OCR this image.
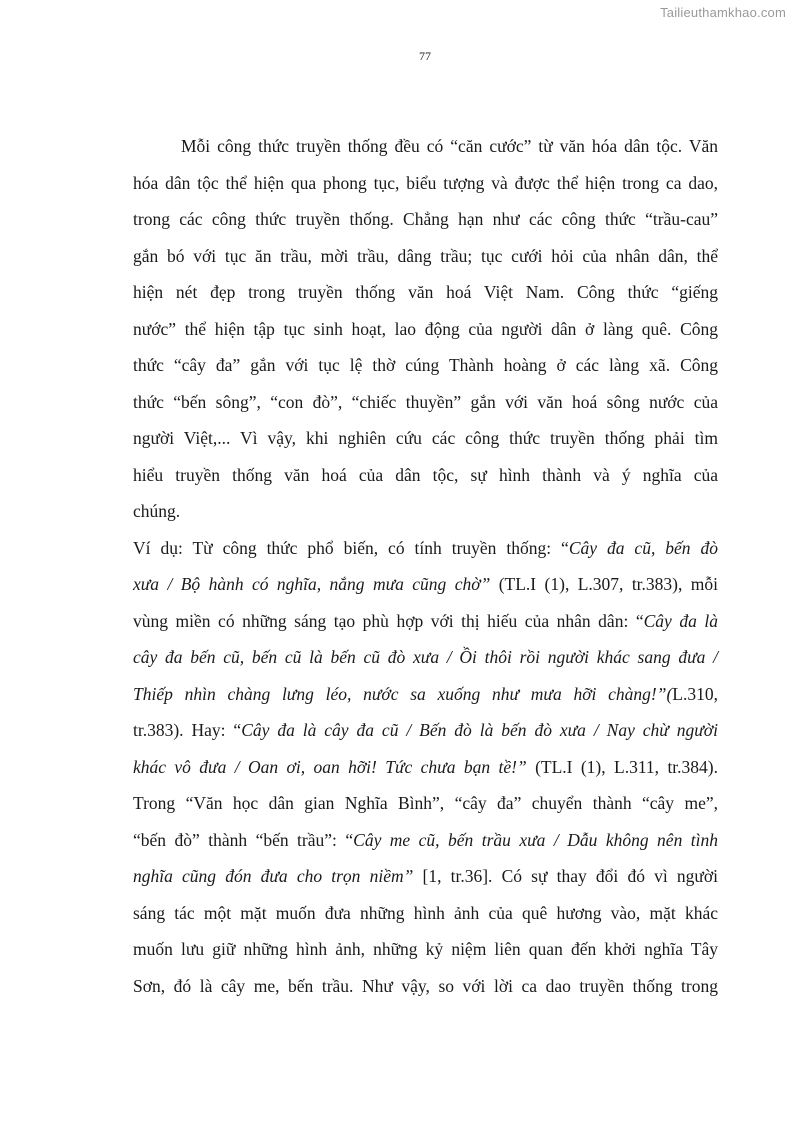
Tailieuthamkhao.com
77
Mỗi công thức truyền thống đều có “căn cước” từ văn hóa dân tộc. Văn
hóa dân tộc thể hiện qua phong tục, biểu tượng và được thể hiện trong ca dao,
trong các công thức truyền thống. Chẳng hạn như các công thức “trầu-cau”
gắn bó với tục ăn trầu, mời trầu, dâng trầu; tục cưới hỏi của nhân dân, thể
hiện nét đẹp trong truyền thống văn hoá Việt Nam. Công thức “giếng
nước” thể hiện tập tục sinh hoạt, lao động của người dân ở làng quê. Công
thức “cây đa” gắn với tục lệ thờ cúng Thành hoàng ở các làng xã. Công
thức “bến sông”, “con đò”, “chiếc thuyền” gắn với văn hoá sông nước của
người Việt,... Vì vậy, khi nghiên cứu các công thức truyền thống phải tìm
hiểu truyền thống văn hoá của dân tộc, sự hình thành và ý nghĩa của
chúng.
Ví dụ: Từ công thức phổ biến, có tính truyền thống: “Cây đa cũ, bến đò
xưa / Bộ hành có nghĩa, nắng mưa cũng chờ” (TL.I (1), L.307, tr.383), mỗi
vùng miền có những sáng tạo phù hợp với thị hiếu của nhân dân: “Cây đa là
cây đa bến cũ, bến cũ là bến cũ đò xưa / Ồi thôi rồi người khác sang đưa /
Thiếp nhìn chàng lưng léo, nước sa xuống như mưa hỡi chàng!”(L.310,
tr.383). Hay: “Cây đa là cây đa cũ / Bến đò là bến đò xưa / Nay chừ người
khác vô đưa / Oan ơi, oan hỡi! Tức chưa bạn tề!” (TL.I (1), L.311, tr.384).
Trong “Văn học dân gian Nghĩa Bình”, “cây đa” chuyển thành “cây me”,
“bến đò” thành “bến trầu”: “Cây me cũ, bến trầu xưa / Dẫu không nên tình
nghĩa cũng đón đưa cho trọn niềm” [1, tr.36]. Có sự thay đổi đó vì người
sáng tác một mặt muốn đưa những hình ảnh của quê hương vào, mặt khác
muốn lưu giữ những hình ảnh, những kỷ niệm liên quan đến khởi nghĩa Tây
Sơn, đó là cây me, bến trầu. Như vậy, so với lời ca dao truyền thống trong
